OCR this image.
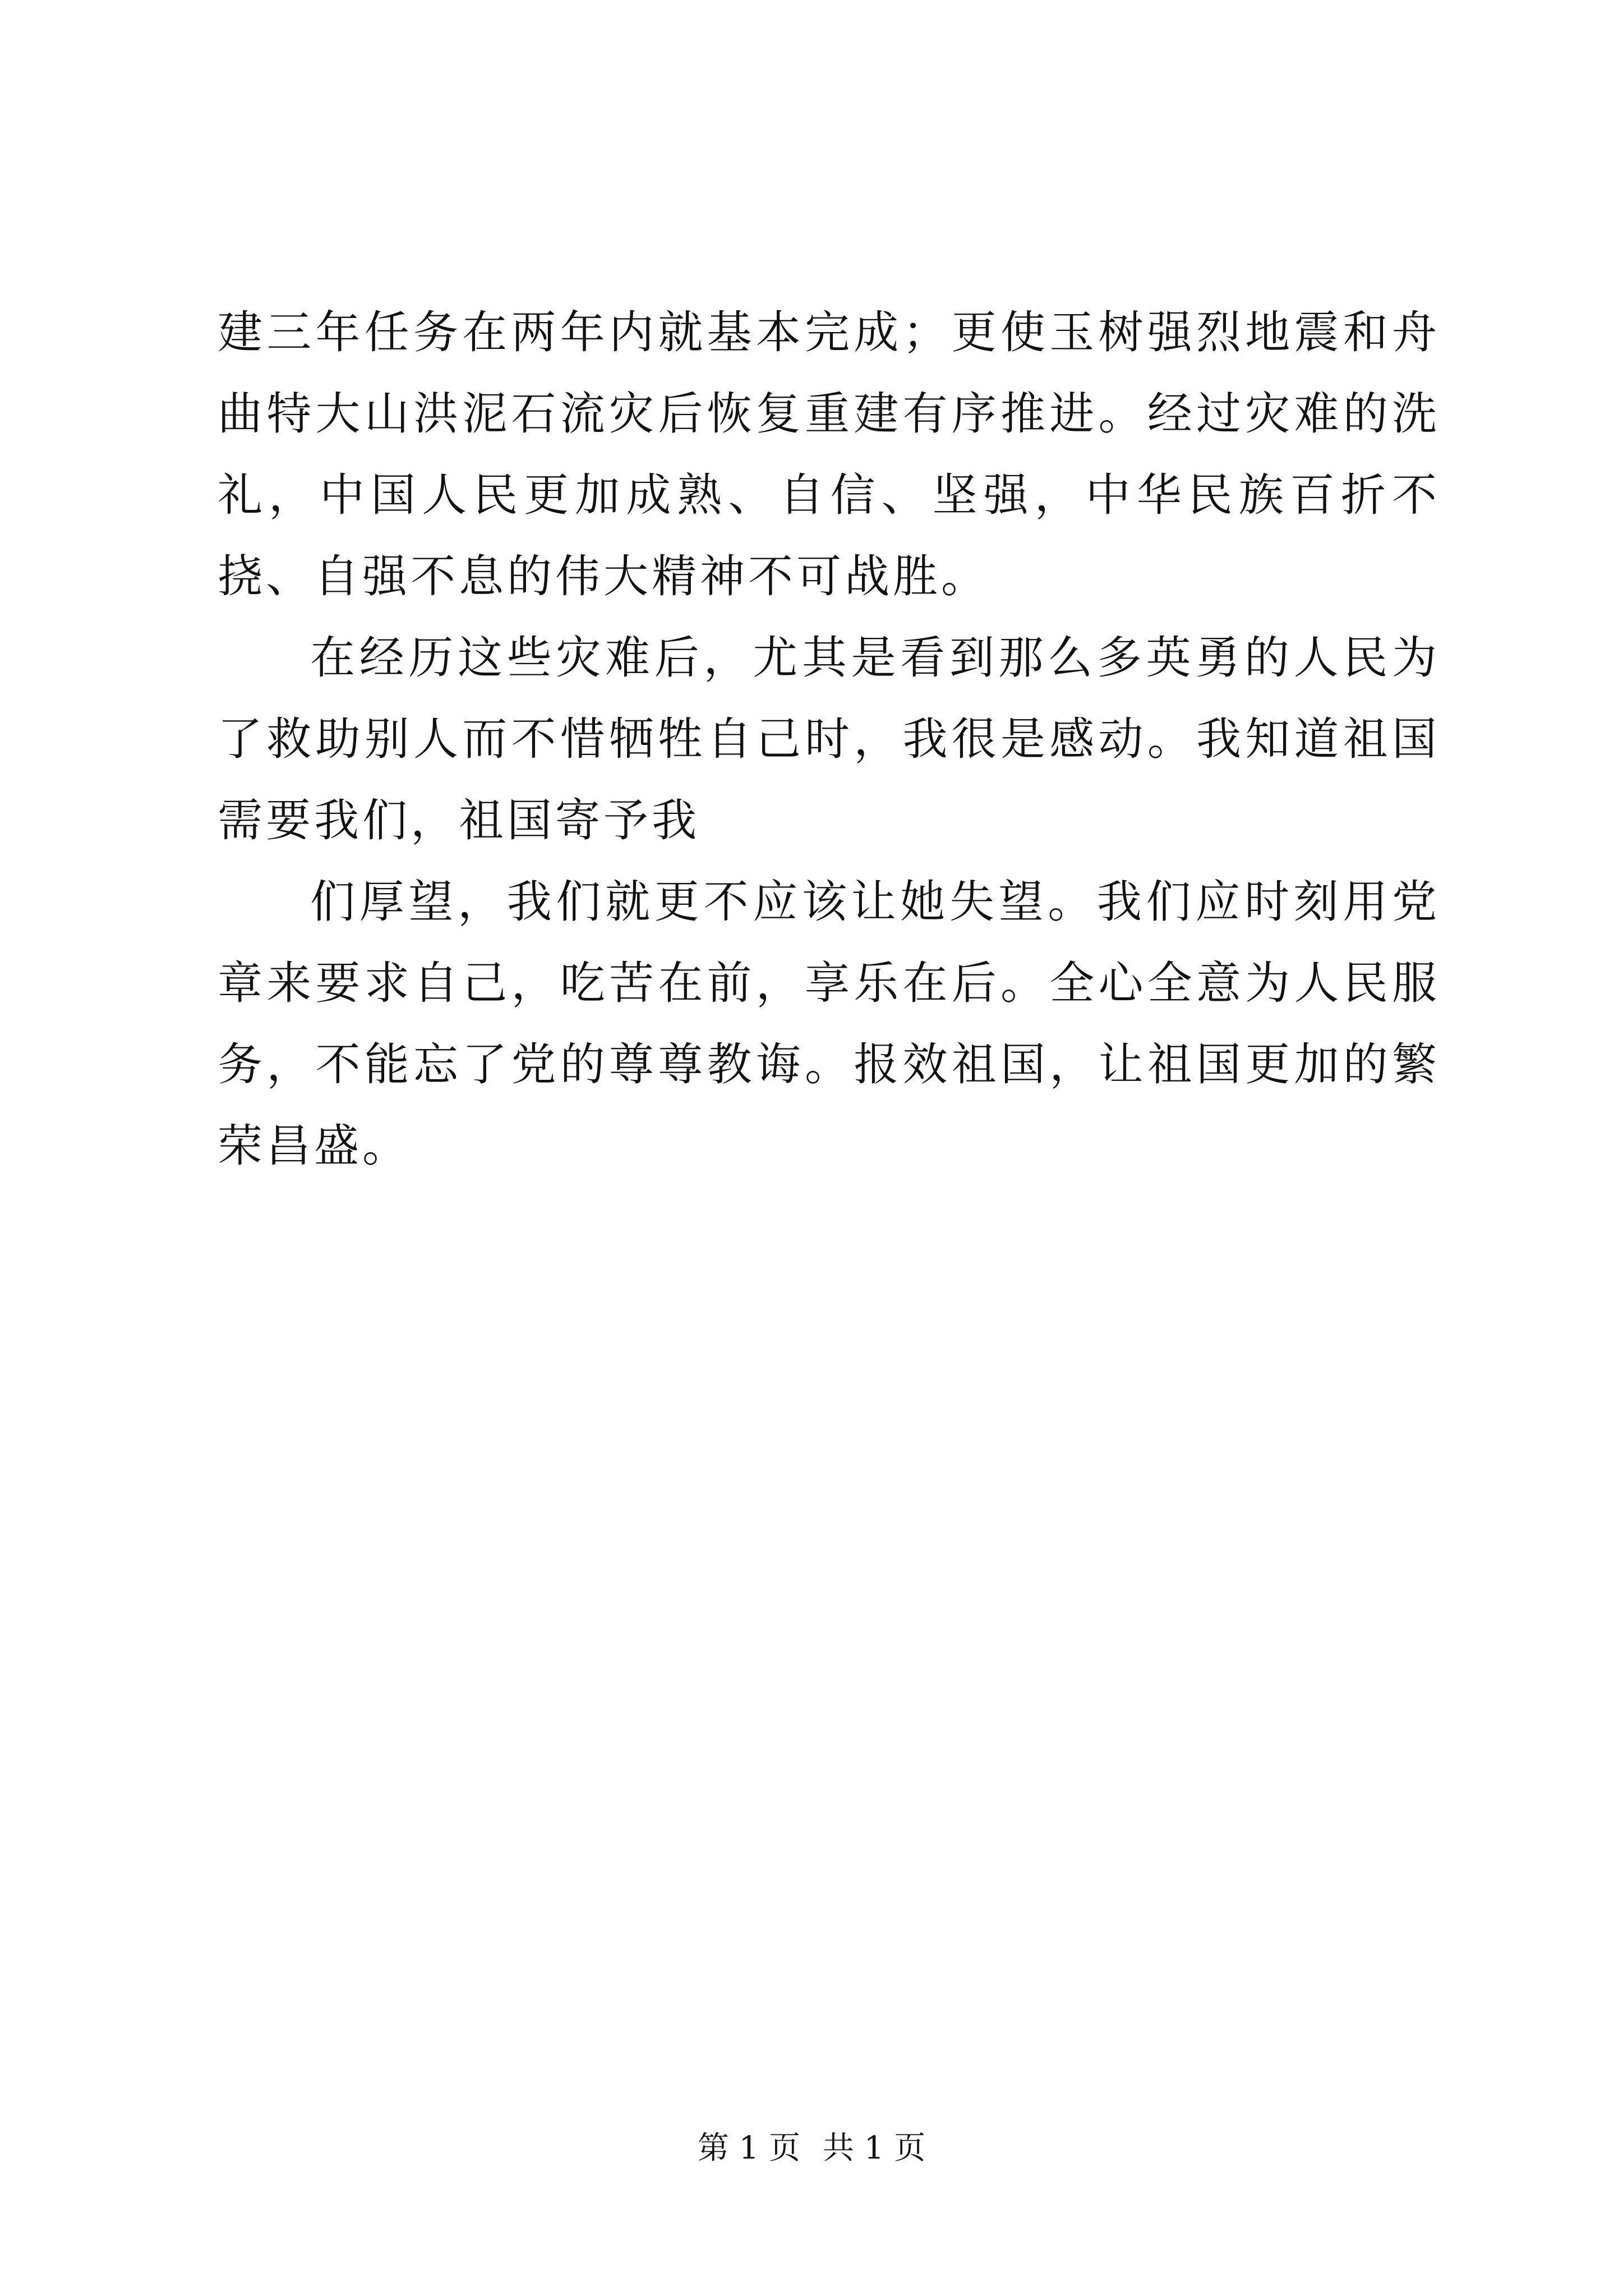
建三年任务在两年内就基本完成；更使玉树强烈地震和舟曲特大山洪泥石流灾后恢复重建有序推进。经过灾难的洗礼，中国人民更加成熟、自信、坚强，中华民族百折不挠、自强不息的伟大精神不可战胜。

在经历这些灾难后，尤其是看到那么多英勇的人民为了救助别人而不惜牺牲自己时，我很是感动。我知道祖国需要我们，祖国寄予我

们厚望，我们就更不应该让她失望。我们应时刻用党章来要求自己，吃苦在前，享乐在后。全心全意为人民服务，不能忘了党的尊尊教诲。报效祖国，让祖国更加的繁荣昌盛。

第 1 页 共 1 页
